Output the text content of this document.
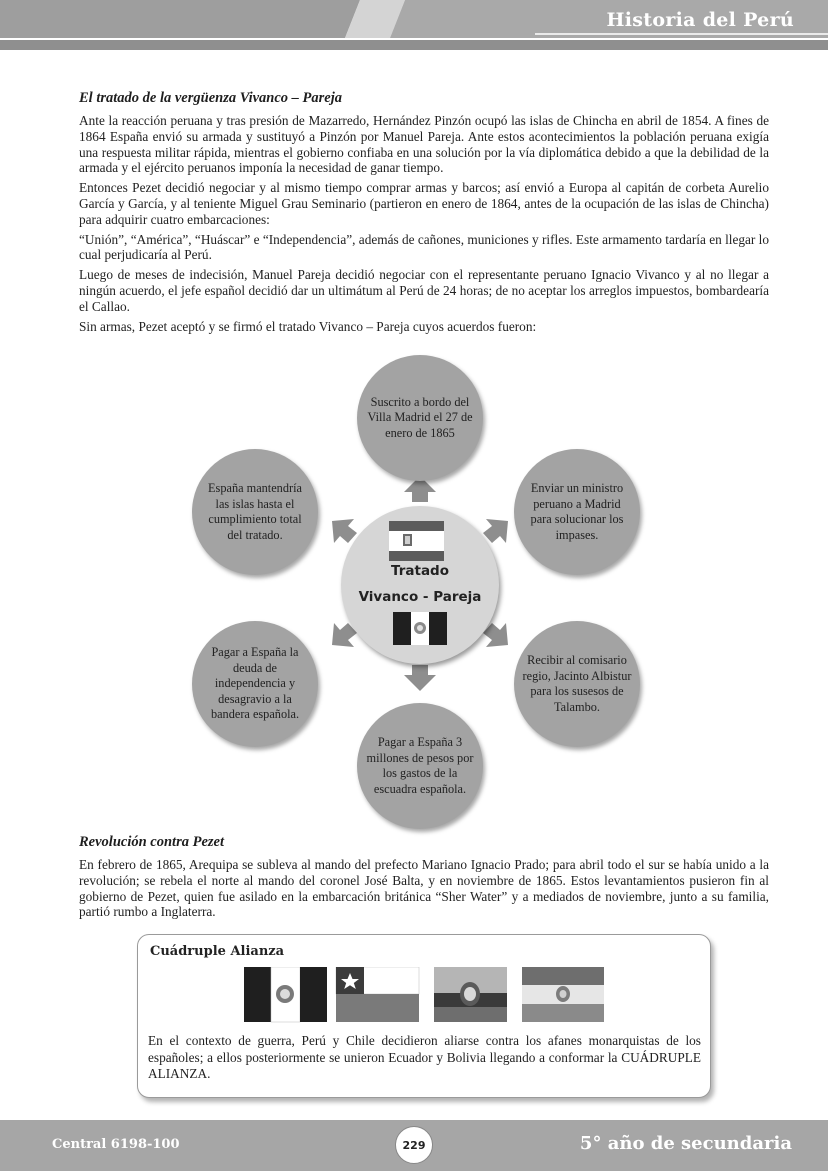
Historia del Perú
El tratado de la vergüenza Vivanco – Pareja

Ante la reacción peruana y tras presión de Mazarredo, Hernández Pinzón ocupó las islas de Chincha en abril de 1854. A fines de 1864 España envió su armada y sustituyó a Pinzón por Manuel Pareja. Ante estos acontecimientos la población peruana exigía una respuesta militar rápida, mientras el gobierno confiaba en una solución por la vía diplomática debido a que la debilidad de la armada y el ejército peruanos imponía la necesidad de ganar tiempo.

Entonces Pezet decidió negociar y al mismo tiempo comprar armas y barcos; así envió a Europa al capitán de corbeta Aurelio García y García, y al teniente Miguel Grau Seminario (partieron en enero de 1864, antes de la ocupación de las islas de Chincha) para adquirir cuatro embarcaciones:

“Unión”, “América”, “Huáscar” e “Independencia”, además de cañones, municiones y rifles. Este armamento tardaría en llegar lo cual perjudicaría al Perú.

Luego de meses de indecisión, Manuel Pareja decidió negociar con el representante peruano Ignacio Vivanco y al no llegar a ningún acuerdo, el jefe español decidió dar un ultimátum al Perú de 24 horas; de no aceptar los arreglos impuestos, bombardearía el Callao.

Sin armas, Pezet aceptó y se firmó el tratado Vivanco – Pareja cuyos acuerdos fueron:

Suscrito a bordo del Villa Madrid el 27 de enero de 1865
Enviar un ministro peruano a Madrid para solucionar los impases.
Recibir al comisario regio, Jacinto Albistur para los susesos de Talambo.
Pagar a España 3 millones de pesos por los gastos de la escuadra española.
Pagar a España la deuda de independencia y desagravio a la bandera española.
España mantendría las islas hasta el cumplimiento total del tratado.
Tratado
Vivanco - Pareja
Revolución contra Pezet

En febrero de 1865, Arequipa se subleva al mando del prefecto Mariano Ignacio Prado; para abril todo el sur se había unido a la revolución; se rebela el norte al mando del coronel José Balta, y en noviembre de 1865. Estos levantamientos pusieron fin al gobierno de Pezet, quien fue asilado en la embarcación británica “Sher Water” y a mediados de noviembre, junto a su familia, partió rumbo a Inglaterra.

Cuádruple Alianza

En el contexto de guerra, Perú y Chile decidieron aliarse contra los afanes monarquistas de los españoles; a ellos posteriormente se unieron Ecuador y Bolivia llegando a conformar la CUÁDRUPLE ALIANZA.

Central 6198-100	229	5° año de secundaria
